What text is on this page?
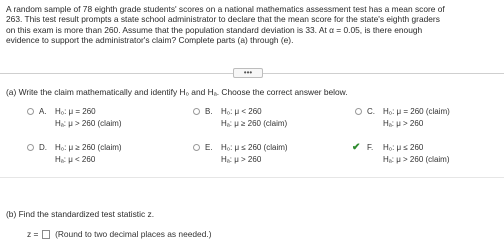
A random sample of 78 eighth grade students' scores on a national mathematics assessment test has a mean score of
263. This test result prompts a state school administrator to declare that the mean score for the state's eighth graders
on this exam is more than 260. Assume that the population standard deviation is 33. At α = 0.05, is there enough
evidence to support the administrator's claim? Complete parts (a) through (e).
•••
(a) Write the claim mathematically and identify H₀ and Hₐ. Choose the correct answer below.
A. H₀: μ = 260
Hₐ: μ > 260 (claim)
B. H₀: μ < 260
Hₐ: μ ≥ 260 (claim)
C. H₀: μ = 260 (claim)
Hₐ: μ > 260
D. H₀: μ ≥ 260 (claim)
Hₐ: μ < 260
E. H₀: μ ≤ 260 (claim)
Hₐ: μ > 260
✔ F. H₀: μ ≤ 260
Hₐ: μ > 260 (claim)
(b) Find the standardized test statistic z.
z = (Round to two decimal places as needed.)
